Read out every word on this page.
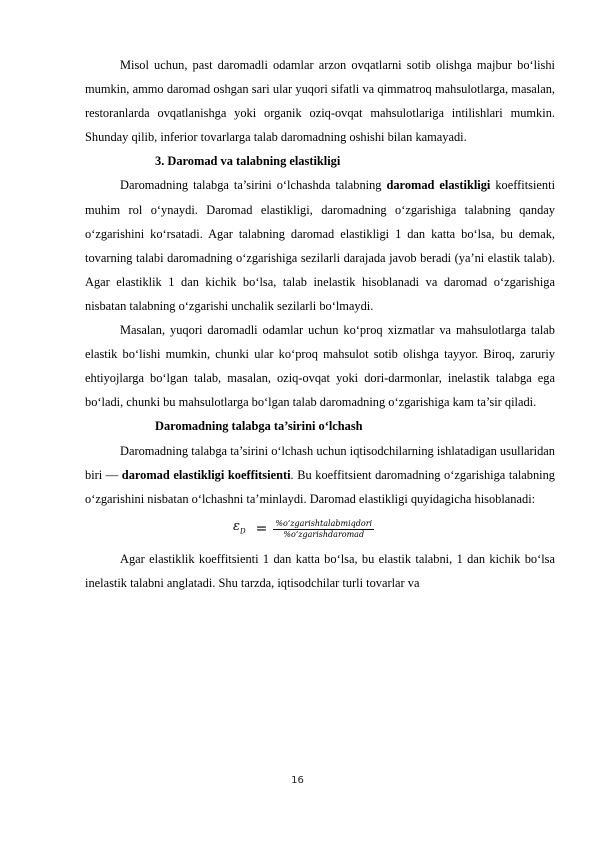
Misol uchun, past daromadli odamlar arzon ovqatlarni sotib olishga majbur bo‘lishi mumkin, ammo daromad oshgan sari ular yuqori sifatli va qimmatroq mahsulotlarga, masalan, restoranlarda ovqatlanishga yoki organik oziq-ovqat mahsulotlariga intilishlari mumkin. Shunday qilib, inferior tovarlarga talab daromadning oshishi bilan kamayadi.

3. Daromad va talabning elastikligi

Daromadning talabga ta’sirini o‘lchashda talabning daromad elastikligi koeffitsienti muhim rol o‘ynaydi. Daromad elastikligi, daromadning o‘zgarishiga talabning qanday o‘zgarishini ko‘rsatadi. Agar talabning daromad elastikligi 1 dan katta bo‘lsa, bu demak, tovarning talabi daromadning o‘zgarishiga sezilarli darajada javob beradi (ya’ni elastik talab). Agar elastiklik 1 dan kichik bo‘lsa, talab inelastik hisoblanadi va daromad o‘zgarishiga nisbatan talabning o‘zgarishi unchalik sezilarli bo‘lmaydi.

Masalan, yuqori daromadli odamlar uchun ko‘proq xizmatlar va mahsulotlarga talab elastik bo‘lishi mumkin, chunki ular ko‘proq mahsulot sotib olishga tayyor. Biroq, zaruriy ehtiyojlarga bo‘lgan talab, masalan, oziq-ovqat yoki dori-darmonlar, inelastik talabga ega bo‘ladi, chunki bu mahsulotlarga bo‘lgan talab daromadning o‘zgarishiga kam ta’sir qiladi.

Daromadning talabga ta’sirini o‘lchash

Daromadning talabga ta’sirini o‘lchash uchun iqtisodchilarning ishlatadigan usullaridan biri — daromad elastikligi koeffitsienti. Bu koeffitsient daromadning o‘zgarishiga talabning o‘zgarishini nisbatan o‘lchashni ta’minlaydi. Daromad elastikligi quyidagicha hisoblanadi:

$\varepsilon_D = \frac{\text{\%o‘zgarishtalabmiqdori}}{\text{\%o‘zgarishdaromad}}$

Agar elastiklik koeffitsienti 1 dan katta bo‘lsa, bu elastik talabni, 1 dan kichik bo‘lsa inelastik talabni anglatadi. Shu tarzda, iqtisodchilar turli tovarlar va

16
